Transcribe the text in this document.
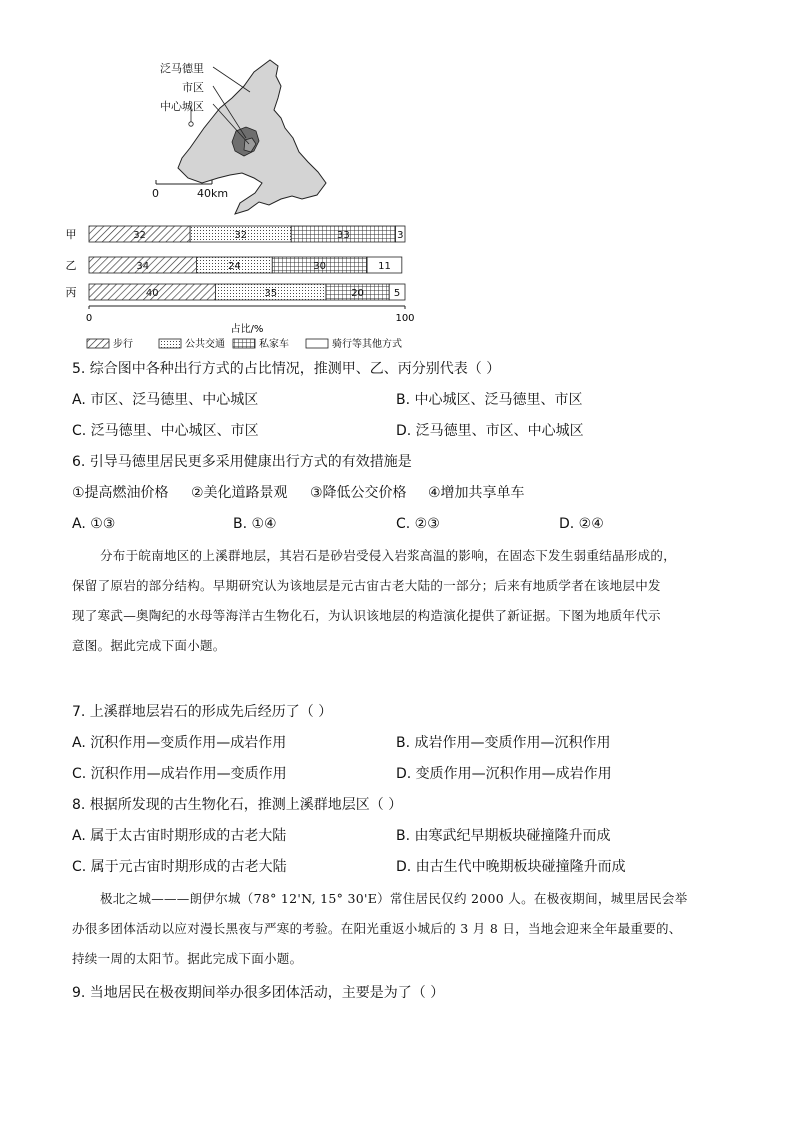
泛马德里
市区
中心城区
0	40km
甲	32	32	33	3
乙	34	24	30	11
丙	40	35	20	5
0	100
占比/%
步行	公共交通	私家车	骑行等其他方式
5. 综合图中各种出行方式的占比情况，推测甲、乙、丙分别代表（ ）
A. 市区、泛马德里、中心城区	B. 中心城区、泛马德里、市区
C. 泛马德里、中心城区、市区	D. 泛马德里、市区、中心城区
6. 引导马德里居民更多采用健康出行方式的有效措施是
①提高燃油价格 ②美化道路景观 ③降低公交价格 ④增加共享单车
A. ①③	B. ①④	C. ②③	D. ②④
分布于皖南地区的上溪群地层，其岩石是砂岩受侵入岩浆高温的影响，在固态下发生弱重结晶形成的，
保留了原岩的部分结构。早期研究认为该地层是元古宙古老大陆的一部分；后来有地质学者在该地层中发
现了寒武—奥陶纪的水母等海洋古生物化石，为认识该地层的构造演化提供了新证据。下图为地质年代示
意图。据此完成下面小题。
7. 上溪群地层岩石的形成先后经历了（ ）
A. 沉积作用—变质作用—成岩作用	B. 成岩作用—变质作用—沉积作用
C. 沉积作用—成岩作用—变质作用	D. 变质作用—沉积作用—成岩作用
8. 根据所发现的古生物化石，推测上溪群地层区（ ）
A. 属于太古宙时期形成的古老大陆	B. 由寒武纪早期板块碰撞隆升而成
C. 属于元古宙时期形成的古老大陆	D. 由古生代中晚期板块碰撞隆升而成
极北之城———朗伊尔城（78° 12'N, 15° 30'E）常住居民仅约 2000 人。在极夜期间，城里居民会举
办很多团体活动以应对漫长黑夜与严寒的考验。在阳光重返小城后的 3 月 8 日，当地会迎来全年最重要的、
持续一周的太阳节。据此完成下面小题。
9. 当地居民在极夜期间举办很多团体活动，主要是为了（ ）
